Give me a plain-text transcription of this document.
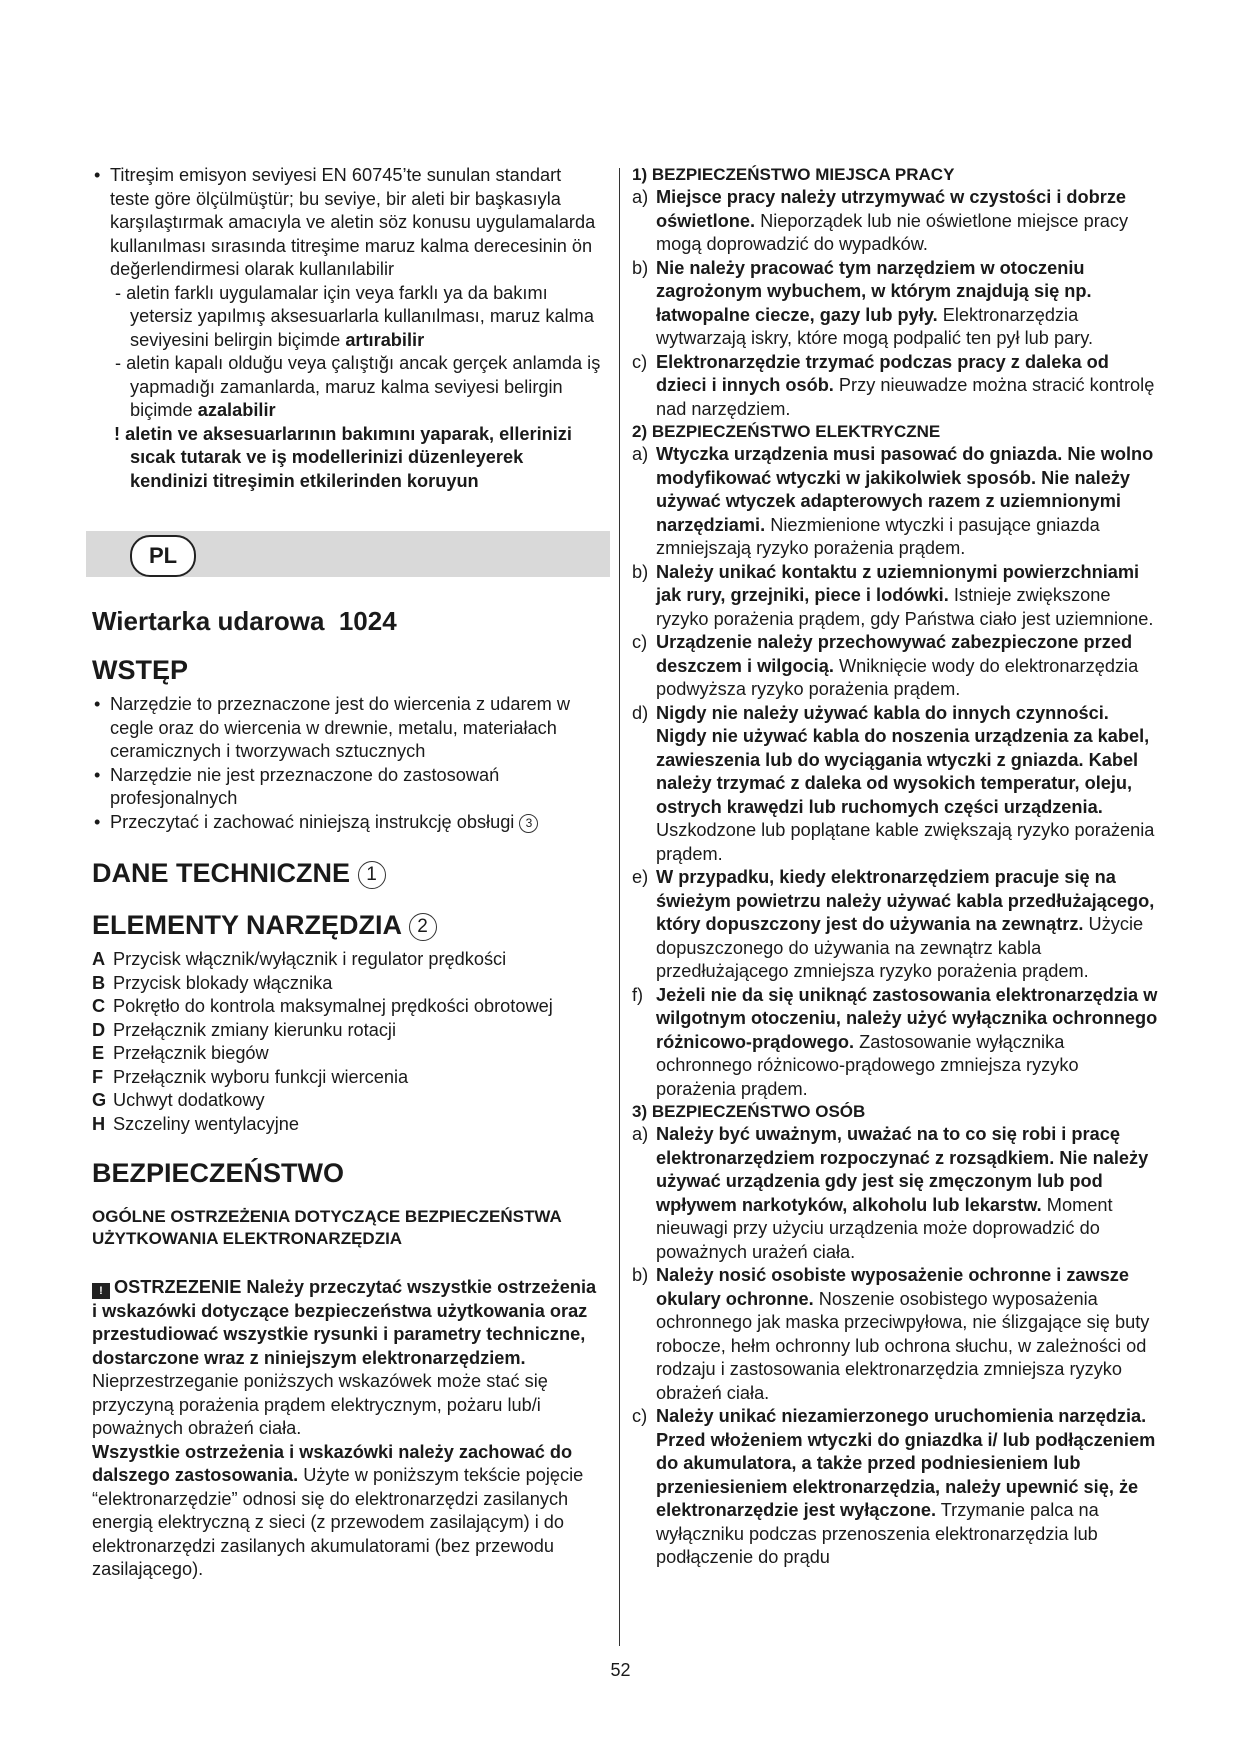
• Titreşim emisyon seviyesi EN 60745’te sunulan standart teste göre ölçülmüştür; bu seviye, bir aleti bir başkasıyla karşılaştırmak amacıyla ve aletin söz konusu uygulamalarda kullanılması sırasında titreşime maruz kalma derecesinin ön değerlendirmesi olarak kullanılabilir

- aletin farklı uygulamalar için veya farklı ya da bakımı yetersiz yapılmış aksesuarlarla kullanılması, maruz kalma seviyesini belirgin biçimde artırabilir

- aletin kapalı olduğu veya çalıştığı ancak gerçek anlamda iş yapmadığı zamanlarda, maruz kalma seviyesi belirgin biçimde azalabilir

! aletin ve aksesuarlarının bakımını yaparak, ellerinizi sıcak tutarak ve iş modellerinizi düzenleyerek kendinizi titreşimin etkilerinden koruyun

PL
Wiertarka udarowa  1024
WSTĘP

• Narzędzie to przeznaczone jest do wiercenia z udarem w cegle oraz do wiercenia w drewnie, metalu, materiałach ceramicznych i tworzywach sztucznych

• Narzędzie nie jest przeznaczone do zastosowań profesjonalnych

• Przeczytać i zachować niniejszą instrukcję obsługi 3

DANE TECHNICZNE 1
ELEMENTY NARZĘDZIA 2

A Przycisk włącznik/wyłącznik i regulator prędkości

B Przycisk blokady włącznika

C Pokrętło do kontrola maksymalnej prędkości obrotowej

D Przełącznik zmiany kierunku rotacji

E Przełącznik biegów

F Przełącznik wyboru funkcji wiercenia

G Uchwyt dodatkowy

H Szczeliny wentylacyjne

BEZPIECZEŃSTWO

OGÓLNE OSTRZEŻENIA DOTYCZĄCE BEZPIECZEŃSTWA UŻYTKOWANIA ELEKTRONARZĘDZIA

! OSTRZEZENIE Należy przeczytać wszystkie ostrzeżenia i wskazówki dotyczące bezpieczeństwa użytkowania oraz przestudiować wszystkie rysunki i parametry techniczne, dostarczone wraz z niniejszym elektronarzędziem. Nieprzestrzeganie poniższych wskazówek może stać się przyczyną porażenia prądem elektrycznym, pożaru lub/i poważnych obrażeń ciała.

Wszystkie ostrzeżenia i wskazówki należy zachować do dalszego zastosowania. Użyte w poniższym tekście pojęcie “elektronarzędzie” odnosi się do elektronarzędzi zasilanych energią elektryczną z sieci (z przewodem zasilającym) i do elektronarzędzi zasilanych akumulatorami (bez przewodu zasilającego).

1) BEZPIECZEŃSTWO MIEJSCA PRACY

a) Miejsce pracy należy utrzymywać w czystości i dobrze oświetlone. Nieporządek lub nie oświetlone miejsce pracy mogą doprowadzić do wypadków.

b) Nie należy pracować tym narzędziem w otoczeniu zagrożonym wybuchem, w którym znajdują się np. łatwopalne ciecze, gazy lub pyły. Elektronarzędzia wytwarzają iskry, które mogą podpalić ten pył lub pary.

c) Elektronarzędzie trzymać podczas pracy z daleka od dzieci i innych osób. Przy nieuwadze można stracić kontrolę nad narzędziem.

2) BEZPIECZEŃSTWO ELEKTRYCZNE

a) Wtyczka urządzenia musi pasować do gniazda. Nie wolno modyfikować wtyczki w jakikolwiek sposób. Nie należy używać wtyczek adapterowych razem z uziemnionymi narzędziami. Niezmienione wtyczki i pasujące gniazda zmniejszają ryzyko porażenia prądem.

b) Należy unikać kontaktu z uziemnionymi powierzchniami jak rury, grzejniki, piece i lodówki. Istnieje zwiększone ryzyko porażenia prądem, gdy Państwa ciało jest uziemnione.

c) Urządzenie należy przechowywać zabezpieczone przed deszczem i wilgocią. Wniknięcie wody do elektronarzędzia podwyższa ryzyko porażenia prądem.

d) Nigdy nie należy używać kabla do innych czynności. Nigdy nie używać kabla do noszenia urządzenia za kabel, zawieszenia lub do wyciągania wtyczki z gniazda. Kabel należy trzymać z daleka od wysokich temperatur, oleju, ostrych krawędzi lub ruchomych części urządzenia. Uszkodzone lub poplątane kable zwiększają ryzyko porażenia prądem.

e) W przypadku, kiedy elektronarzędziem pracuje się na świeżym powietrzu należy używać kabla przedłużającego, który dopuszczony jest do używania na zewnątrz. Użycie dopuszczonego do używania na zewnątrz kabla przedłużającego zmniejsza ryzyko porażenia prądem.

f) Jeżeli nie da się uniknąć zastosowania elektronarzędzia w wilgotnym otoczeniu, należy użyć wyłącznika ochronnego różnicowo-prądowego. Zastosowanie wyłącznika ochronnego różnicowo-prądowego zmniejsza ryzyko porażenia prądem.

3) BEZPIECZEŃSTWO OSÓB

a) Należy być uważnym, uważać na to co się robi i pracę elektronarzędziem rozpoczynać z rozsądkiem. Nie należy używać urządzenia gdy jest się zmęczonym lub pod wpływem narkotyków, alkoholu lub lekarstw. Moment nieuwagi przy użyciu urządzenia może doprowadzić do poważnych urażeń ciała.

b) Należy nosić osobiste wyposażenie ochronne i zawsze okulary ochronne. Noszenie osobistego wyposażenia ochronnego jak maska przeciwpyłowa, nie ślizgające się buty robocze, hełm ochronny lub ochrona słuchu, w zależności od rodzaju i zastosowania elektronarzędzia zmniejsza ryzyko obrażeń ciała.

c) Należy unikać niezamierzonego uruchomienia narzędzia. Przed włożeniem wtyczki do gniazdka i/ lub podłączeniem do akumulatora, a także przed podniesieniem lub przeniesieniem elektronarzędzia, należy upewnić się, że elektronarzędzie jest wyłączone. Trzymanie palca na wyłączniku podczas przenoszenia elektronarzędzia lub podłączenie do prądu

52
